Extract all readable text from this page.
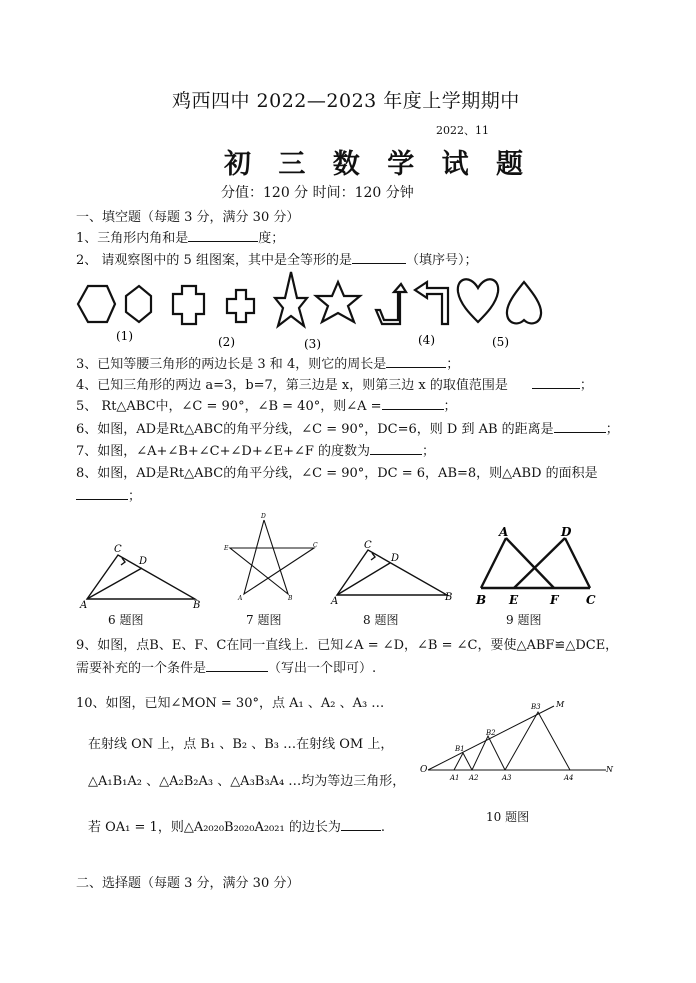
鸡西四中 2022—2023 年度上学期期中
2022、11
初 三 数 学 试 题
分值：120 分 时间：120 分钟
一、填空题（每题 3 分，满分 30 分）
1、三角形内角和是	度；
2、 请观察图中的 5 组图案，其中是全等形的是	（填序号）；
(1)	(2)	(3)	(4)	(5)
3、已知等腰三角形的两边长是 3 和 4，则它的周长是	；
4、已知三角形的两边 a=3，b=7，第三边是 x，则第三边 x 的取值范围是	；
5、 Rt△ABC中，∠C = 90°，∠B = 40°，则∠A =	；
6、如图，AD是Rt△ABC的角平分线，∠C = 90°，DC=6，则 D 到 AB 的距离是	；
7、如图，∠A+∠B+∠C+∠D+∠E+∠F 的度数为	；
8、如图，AD是Rt△ABC的角平分线，∠C = 90°，DC = 6，AB=8，则△ABD 的面积是
；
C
D
A	B
6 题图
D
E	C
A	B
7 题图
C
D
A	B
8 题图
A	D
B E	F C
9 题图
9、如图，点B、E、F、C在同一直线上．已知∠A = ∠D，∠B = ∠C，要使△ABF≌△DCE，
需要补充的一个条件是	（写出一个即可）.
10、如图，已知∠MON = 30°，点 A₁ 、A₂ 、A₃ …
在射线 ON 上，点 B₁ 、B₂ 、B₃ …在射线 OM 上，
△A₁B₁A₂ 、△A₂B₂A₃ 、△A₃B₃A₄ …均为等边三角形，
若 OA₁ = 1，则△A₂₀₂₀B₂₀₂₀A₂₀₂₁ 的边长为	.
O
A1 A2	A3	A4
N
B1
B2
B3 M
10 题图
二、选择题（每题 3 分，满分 30 分）
